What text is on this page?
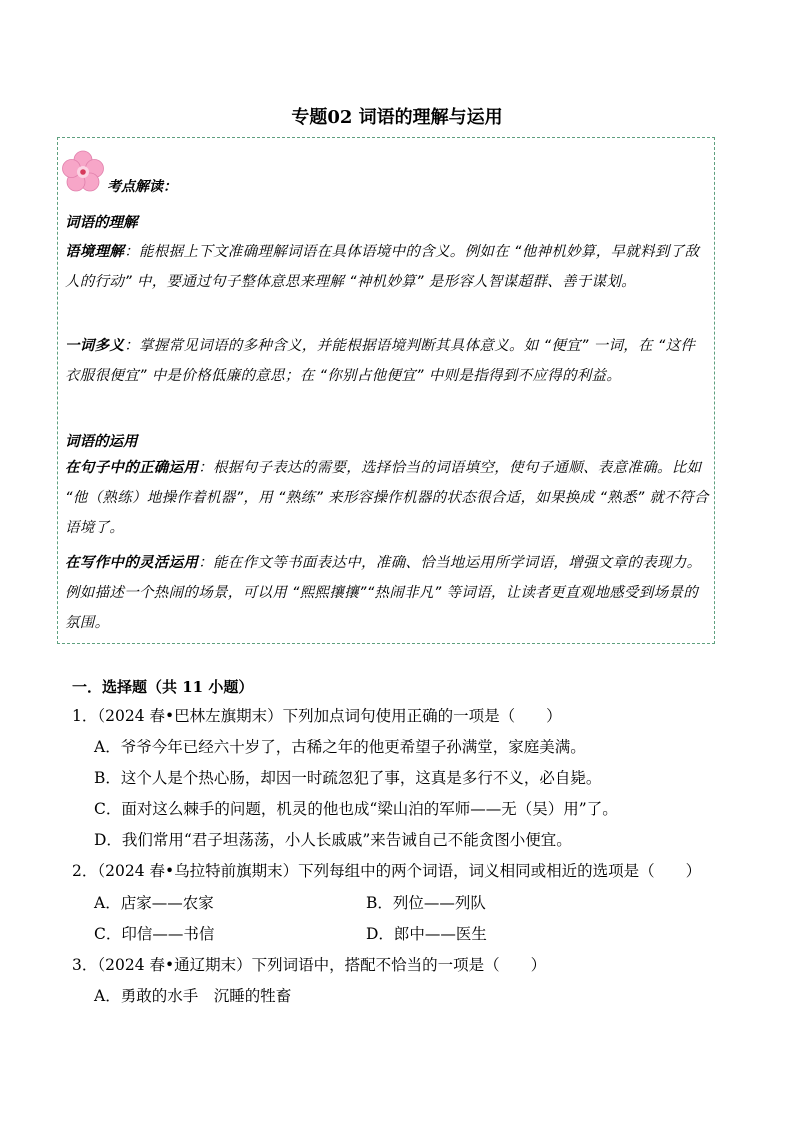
专题02 词语的理解与运用
考点解读：
词语的理解
语境理解：能根据上下文准确理解词语在具体语境中的含义。例如在 “他神机妙算，早就料到了敌人的行动” 中，要通过句子整体意思来理解 “神机妙算” 是形容人智谋超群、善于谋划。
一词多义：掌握常见词语的多种含义，并能根据语境判断其具体意义。如 “便宜” 一词，在 “这件衣服很便宜” 中是价格低廉的意思；在 “你别占他便宜” 中则是指得到不应得的利益。
词语的运用
在句子中的正确运用：根据句子表达的需要，选择恰当的词语填空，使句子通顺、表意准确。比如 “他（熟练）地操作着机器”，用 “熟练” 来形容操作机器的状态很合适，如果换成 “熟悉” 就不符合语境了。
在写作中的灵活运用：能在作文等书面表达中，准确、恰当地运用所学词语，增强文章的表现力。例如描述一个热闹的场景，可以用 “熙熙攘攘”“热闹非凡” 等词语，让读者更直观地感受到场景的氛围。
一．选择题（共 11 小题）
1．（2024 春•巴林左旗期末）下列加点词句使用正确的一项是（　　）
A．爷爷今年已经六十岁了，古稀之年的他更希望子孙满堂，家庭美满。
B．这个人是个热心肠，却因一时疏忽犯了事，这真是多行不义，必自毙。
C．面对这么棘手的问题，机灵的他也成“梁山泊的军师——无（吴）用”了。
D．我们常用“君子坦荡荡，小人长戚戚”来告诫自己不能贪图小便宜。
2．（2024 春•乌拉特前旗期末）下列每组中的两个词语，词义相同或相近的选项是（　　）
A．店家——农家	B．列位——列队
C．印信——书信	D．郎中——医生
3．（2024 春•通辽期末）下列词语中，搭配不恰当的一项是（　　）
A．勇敢的水手　沉睡的牲畜
